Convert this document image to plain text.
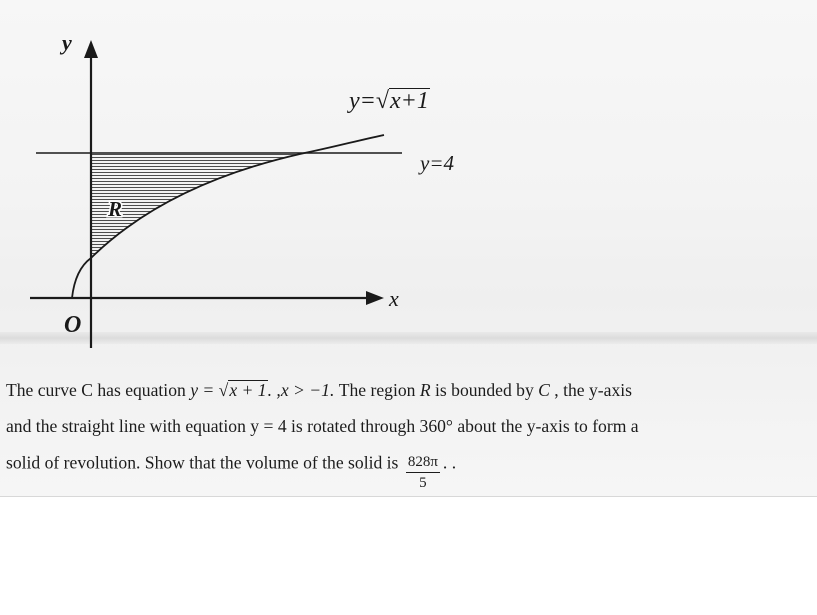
y
x
O
R
y=√x+1
y=4
The curve C has equation y = √x + 1. ,x > −1. The region R is bounded by C , the y-axis
and the straight line with equation y = 4 is rotated through 360° about the y-axis to form a
solid of revolution. Show that the volume of the solid is $\frac{828\pi}{5}$ . .
